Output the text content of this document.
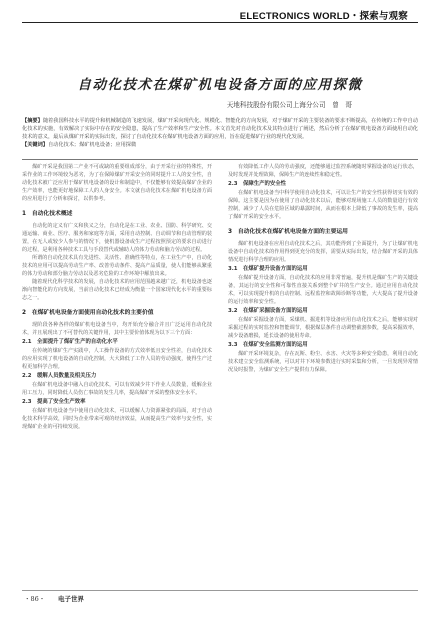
ELECTRONICS WORLD・探索与观察
自动化技术在煤矿机电设备方面的应用探微
天地科技股份有限公司上海分公司　曾　哥

【摘要】随着我国科技水平的提升和机械制造的飞速发展，煤矿开采向现代化、规模化、智能化的方向发展，对于煤矿开采的主要装备的要求不断提高，在传统的工作中自动化技术的实施，有效解决了实际中存在的安全隐患，提高了生产效率和生产安全性。本文首先对自动化技术及其特点进行了阐述，然后分析了在煤矿机电设备方面使用自动化技术的意义，最后从煤矿开采的实际出发，探讨了自动化技术在煤矿机电设备方面的应用，旨在促进煤矿行业的现代化发展。

【关键词】自动化技术；煤矿机电设备；应用探微

煤矿开采是我国第二产业不可或缺的重要组成部分，由于开采行业的特殊性，开采作业的工作环境较为恶劣，为了在保障煤矿开采安全的同时提升工人的安全性，自动化技术被广泛应用于煤矿机电设备的设计和制造中，不仅能够有效提高煤矿企业的生产效率，也能更好地保障工人的人身安全。本文就自动化技术在煤矿机电设备方面的应用进行了分析和探讨，以供参考。

1　自动化技术概述

自动化的定义有广义和狭义之分，自动化是在工业、农业、国防、科学研究、交通运输、商业、医疗、服务和家庭等方面，采用自动控制、自动调节和自动管理的装置，在无人或较少人参与的情况下，使机器设备或生产过程按照预定的要求自动进行的过程，是利用各种技术工具与手段替代或辅助人的体力劳动和脑力劳动的过程。

所谓的自动化技术具有先进性、灵活性、准确性等特点，在工业生产中，自动化技术的应用可以提高劳动生产率、改善劳动条件、提高产品质量，使人们能够从繁重的体力劳动和部分脑力劳动以及恶劣危险的工作环境中解放出来。

随着现代化科学技术的发展，自动化技术的应用范围越来越广泛，机电设备也逐渐向智能化的方向发展，当前自动化技术已经成为衡量一个国家现代化水平的重要标志之一。

2　在煤矿机电设备方面使用自动化技术的主要价值

现阶段各种各样的煤矿机电设备当中，均开始充分融合并且广泛运用自动化技术，并且展现出了不可替代的关键作用，其中主要价值体现为以下三个方面：

2.1　全面提升了煤矿生产的自动化水平

在传统的煤矿生产实践中，人工操作设备的方式效率低且安全性差，自动化技术的应用实现了机电设备的自动化控制，大大降低了工作人员的劳动强度，使得生产过程更加科学合理。

2.2　缓解人员数量及相关压力

在煤矿机电设备中融入自动化技术，可以有效减少井下作业人员数量，缓解企业用工压力，同时降低人员伤亡事故的发生几率，提高煤矿开采的整体安全水平。

2.3　提高了安全生产效率

在煤矿机电设备当中使用自动化技术，可以缓解人力资源紧张的局面，对于自动化技术科学高效，同时为企业带来可观的经济效益，从而提高生产效率与安全性，实现煤矿企业的可持续发展。

有效降低工作人员的劳动强度，还能够通过监控系统随时掌握设备的运行状态，及时发现并处理故障，保障生产的连续性和稳定性。

2.3　保障生产的安全性

在煤矿机电设备当中科学使用自动化技术，可以让生产的安全性获得切实有效的保障。这主要是因为在使用了自动化技术以后，能够对现场施工人员的数量进行有效控制，减少了人员在危险区域的暴露时间，从而在根本上降低了事故的发生率，提高了煤矿开采的安全水平。

3　自动化技术在煤矿机电设备方面的主要运用

煤矿机电设备在应用自动化技术之后，其功能得到了全面提升，为了让煤矿机电设备中自动化技术的作用得到更充分的发挥，需要从实际出发，结合煤矿开采的具体情况进行科学合理的应用。

3.1　在煤矿提升设备方面的运用

在煤矿提升设备方面，自动化技术的应用非常普遍，提升机是煤矿生产的关键设备，其运行的安全性和可靠性直接关系到整个矿井的生产安全。通过应用自动化技术，可以实现提升机的自动控制、远程监控和故障诊断等功能，大大提高了提升设备的运行效率和安全性。

3.2　在煤矿采掘设备方面的运用

在煤矿采掘设备方面，采煤机、掘进机等设备应用自动化技术之后，能够实现对采掘过程的实时监控和智能调节，根据煤层条件自动调整截割参数，提高采掘效率，减少设备磨损，延长设备的使用寿命。

3.3　在煤矿安全监测方面的运用

煤矿开采环境复杂，存在瓦斯、粉尘、水害、火灾等多种安全隐患，利用自动化技术建立安全监测系统，可以对井下环境参数进行实时采集和分析，一旦发现异常情况及时报警，为煤矿安全生产提供有力保障。

・86・ 电子世界
